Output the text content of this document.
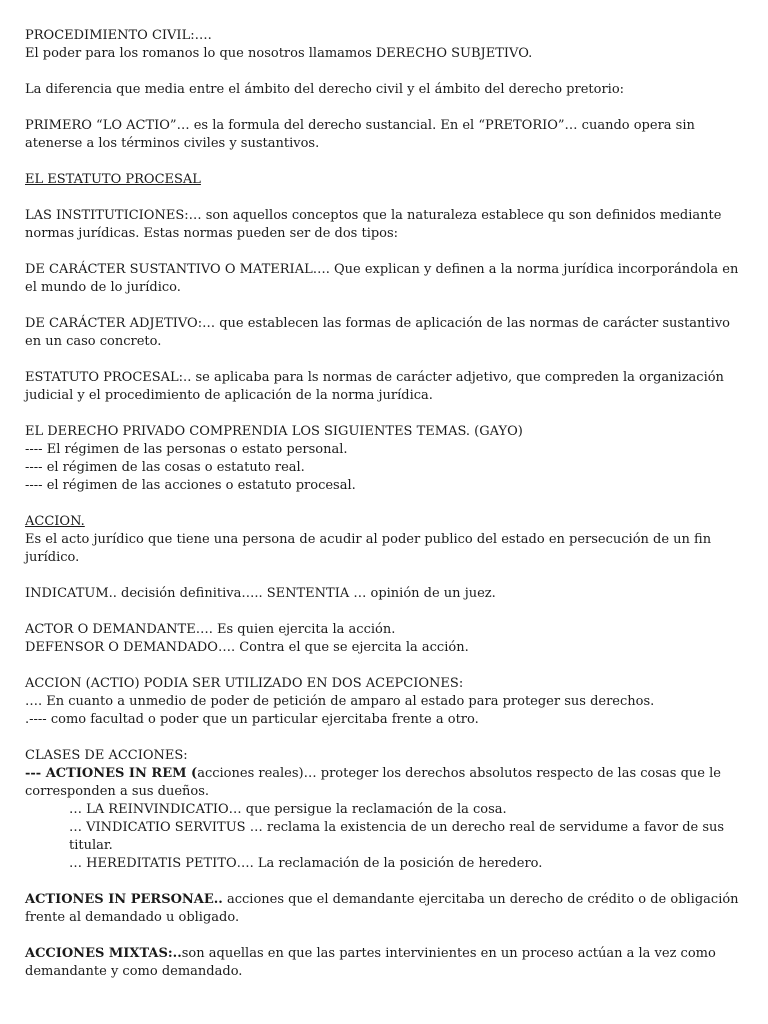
PROCEDIMIENTO CIVIL:….

El poder para los romanos lo que nosotros llamamos DERECHO SUBJETIVO.

La diferencia que media entre el ámbito del derecho civil y el ámbito del derecho pretorio:

PRIMERO “LO ACTIO”… es la formula del derecho sustancial. En el “PRETORIO”… cuando opera sin atenerse a los términos civiles y sustantivos.

EL ESTATUTO PROCESAL

LAS INSTITUTICIONES:… son aquellos conceptos que la naturaleza establece qu son definidos mediante normas jurídicas. Estas normas pueden ser de dos tipos:

DE CARÁCTER SUSTANTIVO O MATERIAL…. Que explican y definen a la norma jurídica incorporándola en el mundo de lo jurídico.

DE CARÁCTER ADJETIVO:… que establecen las formas de aplicación de las normas de carácter sustantivo en un caso concreto.

ESTATUTO PROCESAL:.. se aplicaba para ls normas de carácter adjetivo, que compreden la organización judicial y el procedimiento de aplicación de la norma jurídica.

EL DERECHO PRIVADO COMPRENDIA LOS SIGUIENTES TEMAS. (GAYO)

---- El régimen de las personas o estato personal.

---- el régimen de las cosas o estatuto real.

---- el régimen de las acciones o estatuto procesal.

ACCION.

Es el acto jurídico que tiene una persona de acudir al poder publico del estado en persecución de un fin jurídico.

INDICATUM.. decisión definitiva….. SENTENTIA … opinión de un juez.

ACTOR O DEMANDANTE…. Es quien ejercita la acción.

DEFENSOR O DEMANDADO…. Contra el que se ejercita la acción.

ACCION (ACTIO) PODIA SER UTILIZADO EN DOS ACEPCIONES:

…. En cuanto a unmedio de poder de petición de amparo al estado para proteger sus derechos.

.---- como facultad o poder que un particular ejercitaba frente a otro.

CLASES DE ACCIONES:

--- ACTIONES IN REM (acciones reales)… proteger los derechos absolutos respecto de las cosas que le corresponden a sus dueños.

… LA REINVINDICATIO… que persigue la reclamación de la cosa.

… VINDICATIO SERVITUS … reclama la existencia de un derecho real de servidume a favor de sus titular.

… HEREDITATIS PETITO…. La reclamación de la posición de heredero.

ACTIONES IN PERSONAE.. acciones que el demandante ejercitaba un derecho de crédito o de obligación frente al demandado u obligado.

ACCIONES MIXTAS:..son aquellas en que las partes intervinientes en un proceso actúan a la vez como demandante y como demandado.
